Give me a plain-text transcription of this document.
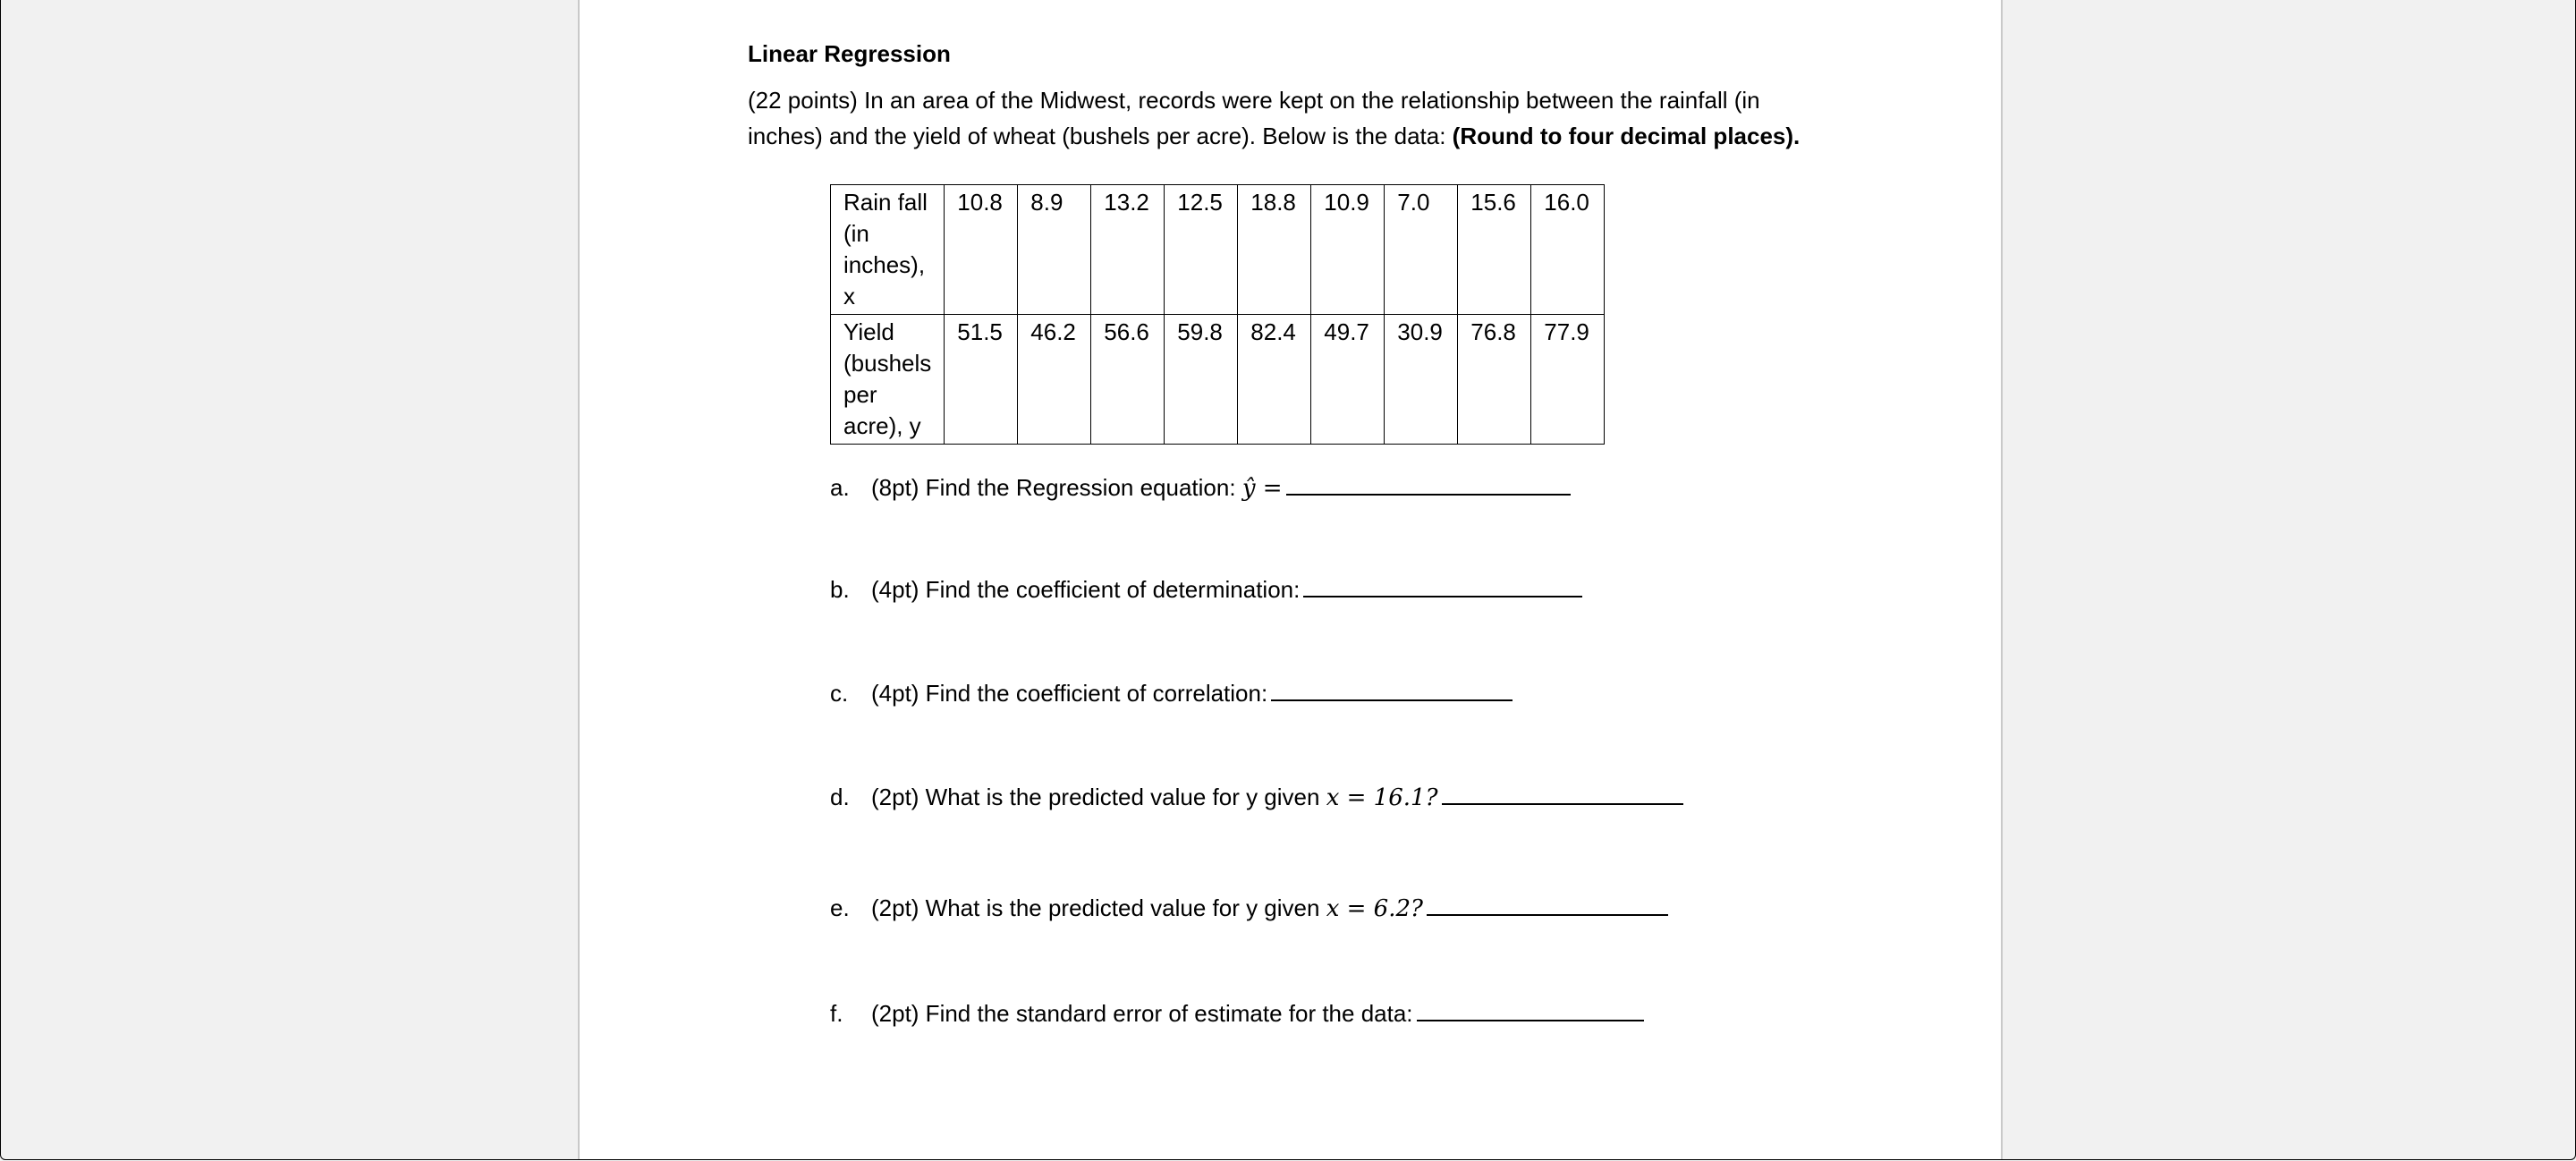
Linear Regression

(22 points) In an area of the Midwest, records were kept on the relationship between the rainfall (in inches) and the yield of wheat (bushels per acre). Below is the data: (Round to four decimal places).

Rain fall (in inches), x	10.8	8.9	13.2	12.5	18.8	10.9	7.0	15.6	16.0
Yield (bushels per acre), y	51.5	46.2	56.6	59.8	82.4	49.7	30.9	76.8	77.9
a. (8pt) Find the Regression equation: ŷ =
b. (4pt) Find the coefficient of determination:
c. (4pt) Find the coefficient of correlation:
d. (2pt) What is the predicted value for y given x = 16.1?
e. (2pt) What is the predicted value for y given x = 6.2?
f. (2pt) Find the standard error of estimate for the data:
